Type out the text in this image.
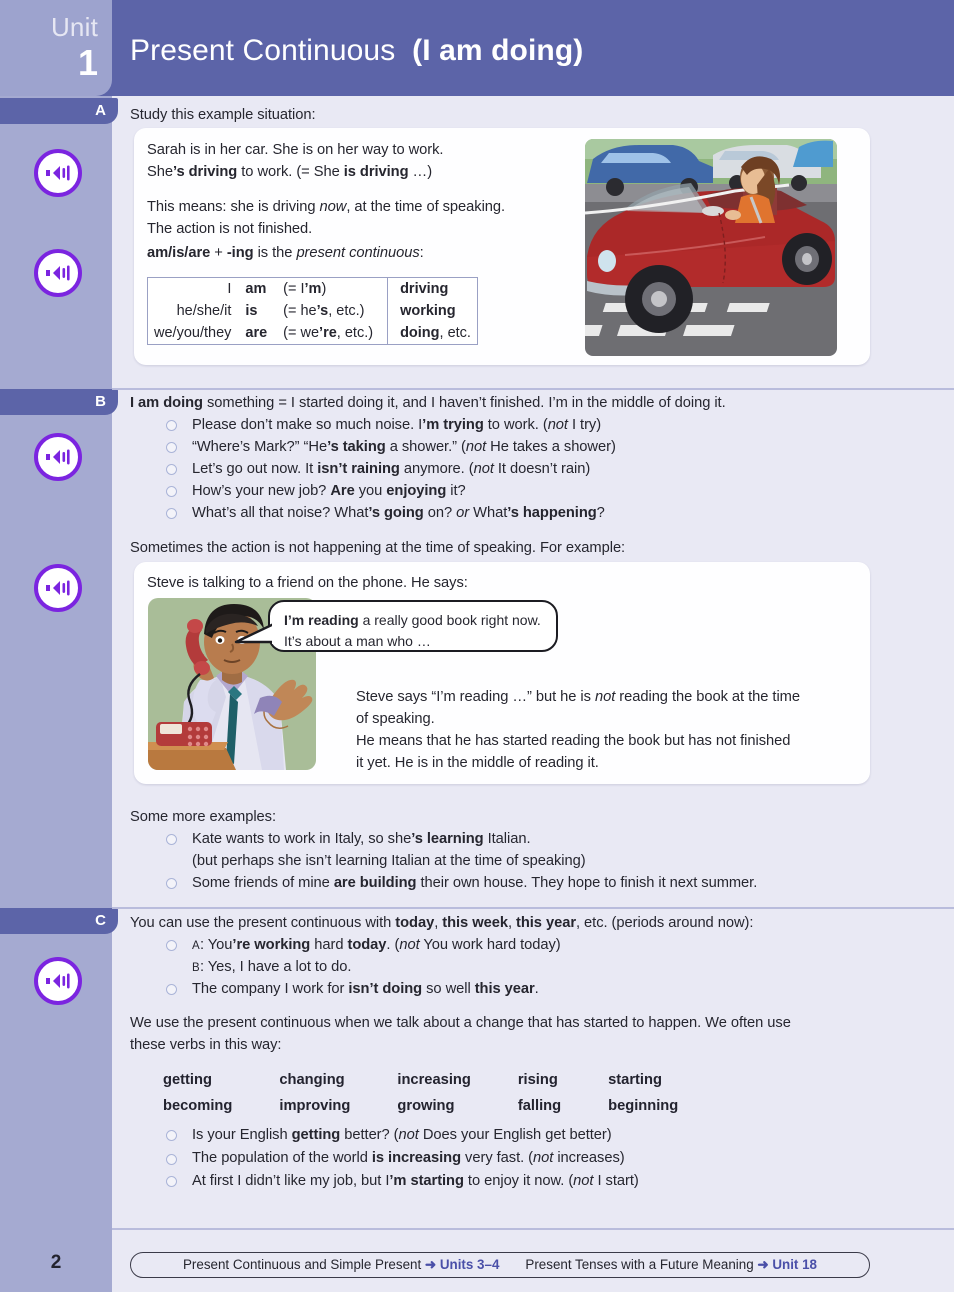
Present Continuous (I am doing)
Unit
1
A
B
C
Study this example situation:
Sarah is in her car. She is on her way to work.
She’s driving to work. (= She is driving …)
This means: she is driving now, at the time of speaking.
The action is not finished.
am/is/are + -ing is the present continuous:
I	am	(= I’m)	driving
he/she/it	is	(= he’s, etc.)	working
we/you/they	are	(= we’re, etc.)	doing, etc.
I am doing something = I started doing it, and I haven’t finished. I’m in the middle of doing it.
Please don’t make so much noise. I’m trying to work. (not I try)
“Where’s Mark?” “He’s taking a shower.” (not He takes a shower)
Let’s go out now. It isn’t raining anymore. (not It doesn’t rain)
How’s your new job? Are you enjoying it?
What’s all that noise? What’s going on? or What’s happening?
Sometimes the action is not happening at the time of speaking. For example:
Steve is talking to a friend on the phone. He says:
I’m reading a really good book right now.
It’s about a man who …
Steve says “I’m reading …” but he is not reading the book at the time
of speaking.
He means that he has started reading the book but has not finished
it yet. He is in the middle of reading it.
Some more examples:
Kate wants to work in Italy, so she’s learning Italian.
(but perhaps she isn’t learning Italian at the time of speaking)
Some friends of mine are building their own house. They hope to finish it next summer.
You can use the present continuous with today, this week, this year, etc. (periods around now):
A: You’re working hard today. (not You work hard today)
B: Yes, I have a lot to do.
The company I work for isn’t doing so well this year.
We use the present continuous when we talk about a change that has started to happen. We often use
these verbs in this way:
getting	changing	increasing	rising	starting
becoming	improving	growing	falling	beginning
Is your English getting better? (not Does your English get better)
The population of the world is increasing very fast. (not increases)
At first I didn’t like my job, but I’m starting to enjoy it now. (not I start)
2	Present Continuous and Simple Present ➜ Units 3–4 Present Tenses with a Future Meaning ➜ Unit 18
